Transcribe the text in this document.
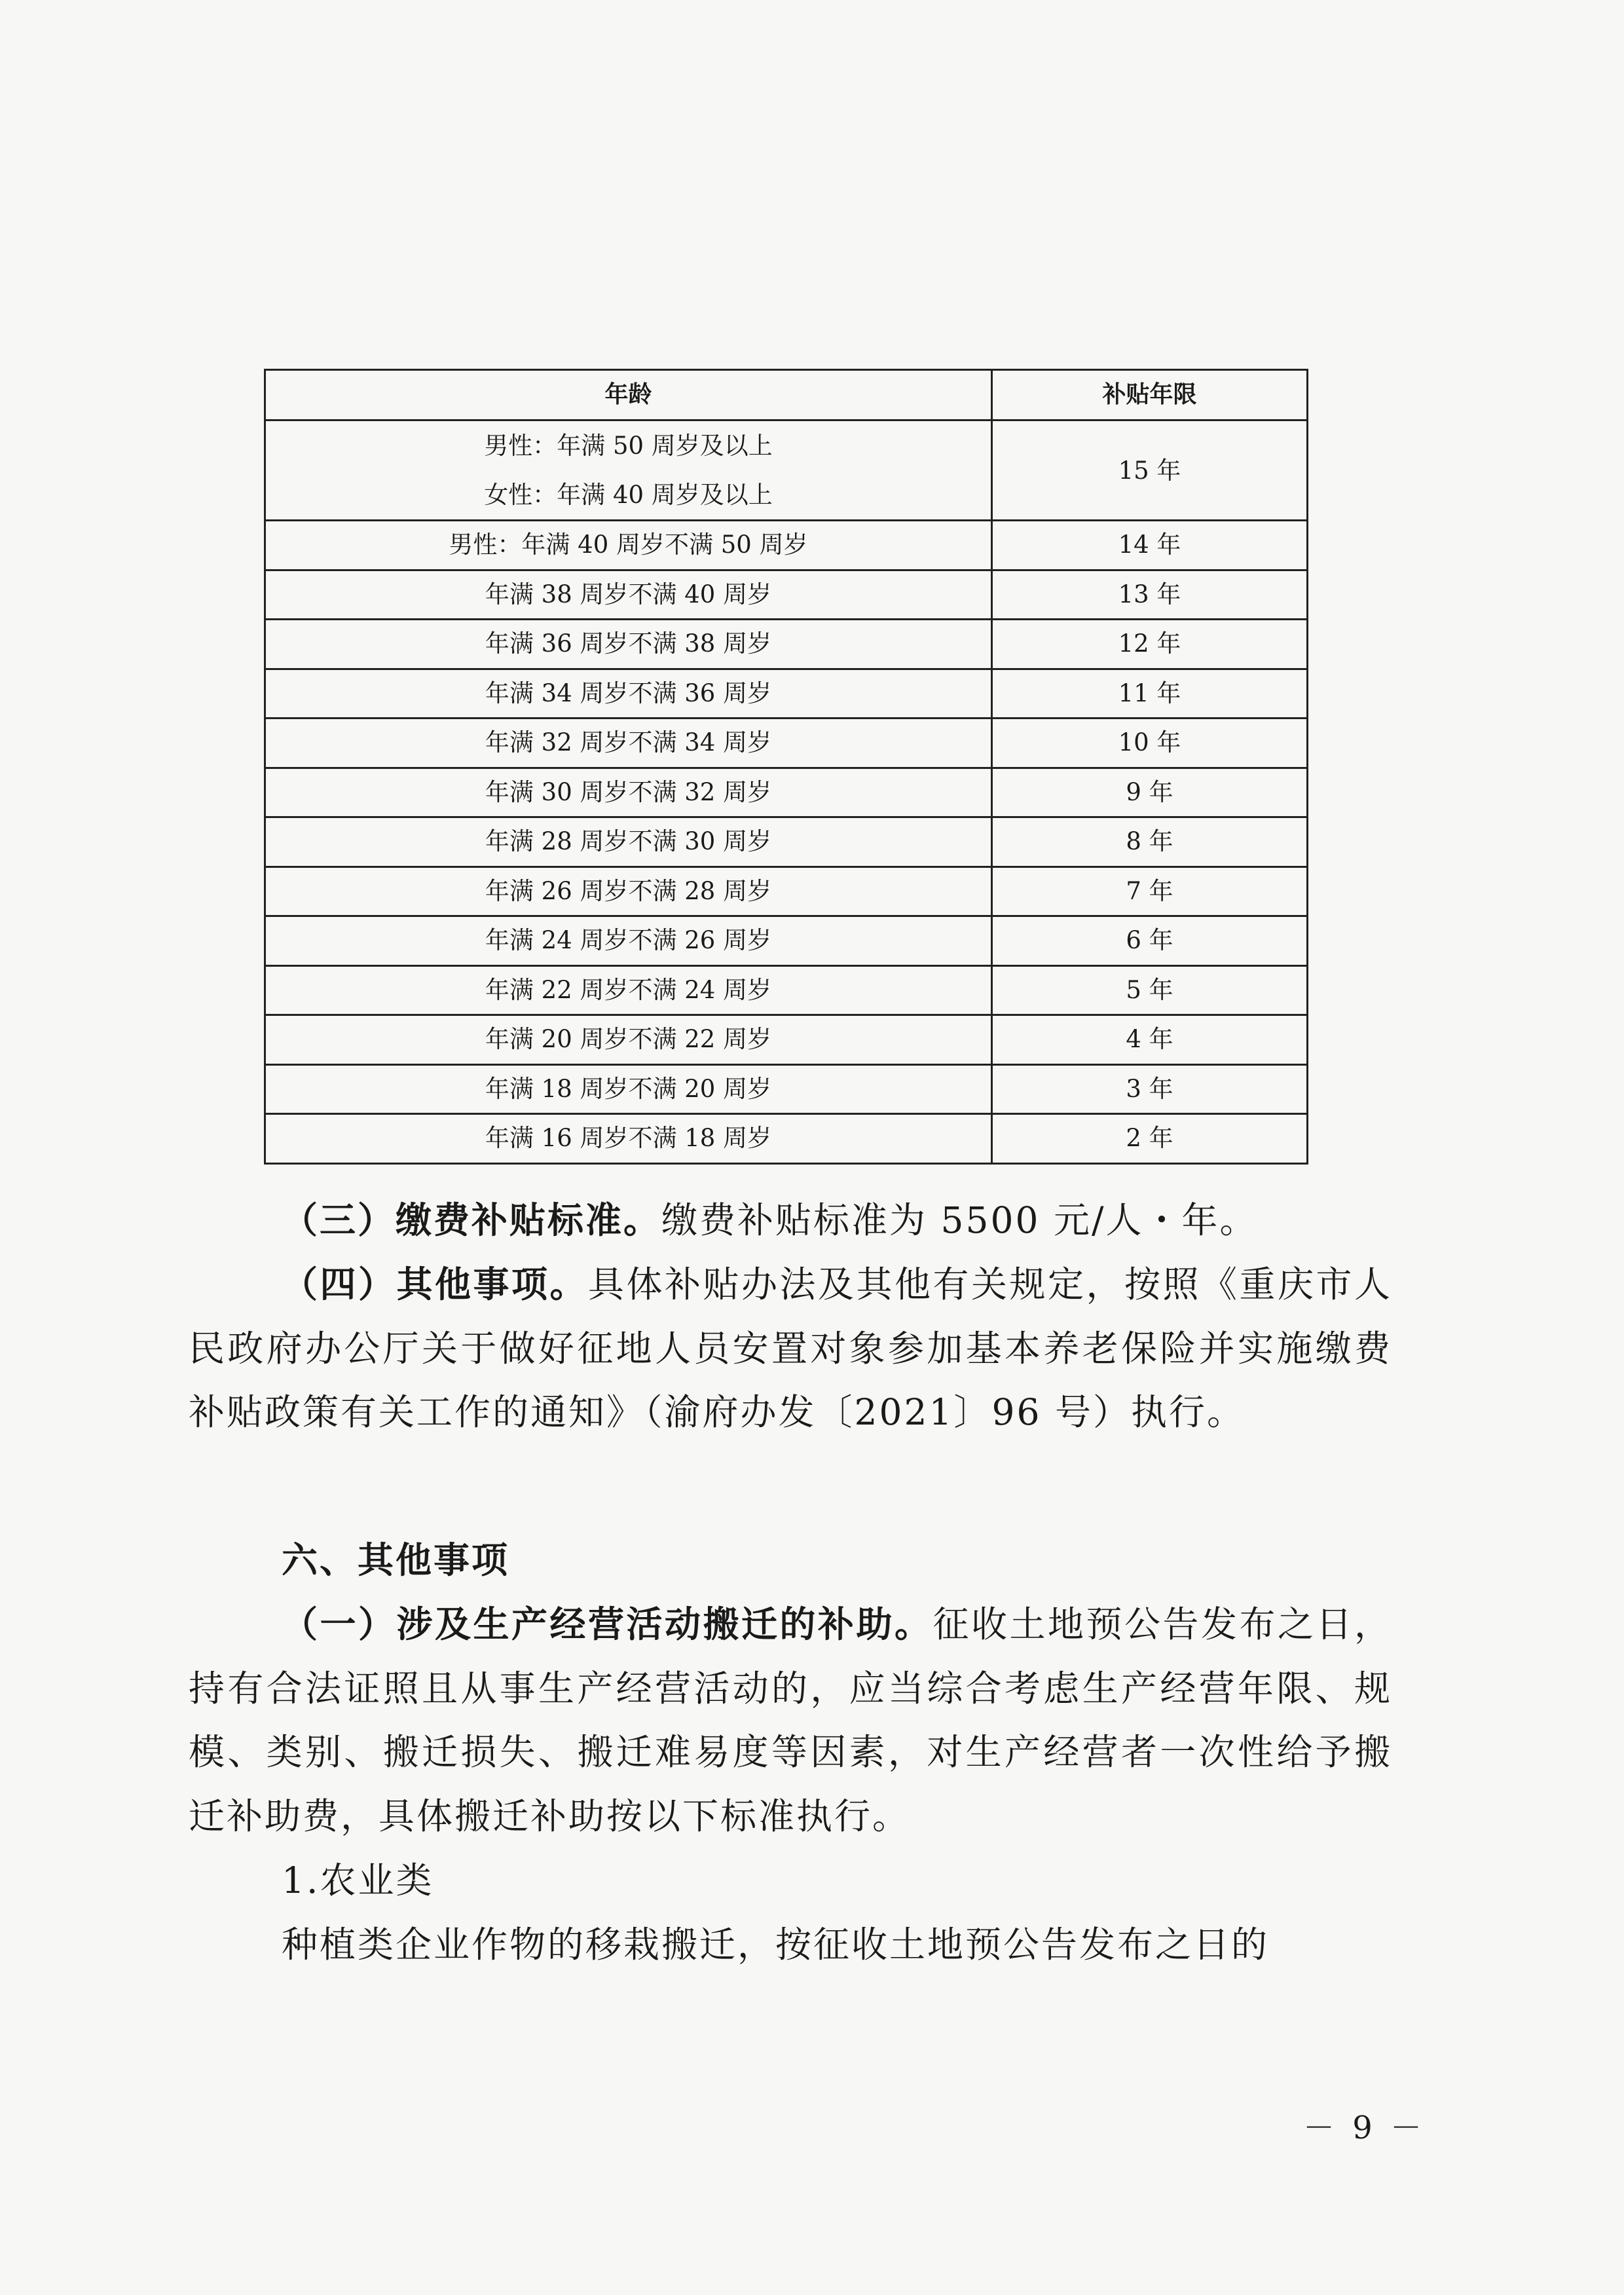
年龄	补贴年限

男性：年满 50 周岁及以上
女性：年满 40 周岁及以上	15 年
男性：年满 40 周岁不满 50 周岁	14 年
年满 38 周岁不满 40 周岁	13 年
年满 36 周岁不满 38 周岁	12 年
年满 34 周岁不满 36 周岁	11 年
年满 32 周岁不满 34 周岁	10 年
年满 30 周岁不满 32 周岁	9 年
年满 28 周岁不满 30 周岁	8 年
年满 26 周岁不满 28 周岁	7 年
年满 24 周岁不满 26 周岁	6 年
年满 22 周岁不满 24 周岁	5 年
年满 20 周岁不满 22 周岁	4 年
年满 18 周岁不满 20 周岁	3 年
年满 16 周岁不满 18 周岁	2 年

（三）缴费补贴标准。缴费补贴标准为 5500 元/人・年。

（四）其他事项。具体补贴办法及其他有关规定，按照《重庆市人民政府办公厅关于做好征地人员安置对象参加基本养老保险并实施缴费补贴政策有关工作的通知》（渝府办发〔2021〕96 号）执行。

六、其他事项

（一）涉及生产经营活动搬迁的补助。征收土地预公告发布之日，持有合法证照且从事生产经营活动的，应当综合考虑生产经营年限、规模、类别、搬迁损失、搬迁难易度等因素，对生产经营者一次性给予搬迁补助费，具体搬迁补助按以下标准执行。

1.农业类

种植类企业作物的移栽搬迁，按征收土地预公告发布之日的

－ 9 －
